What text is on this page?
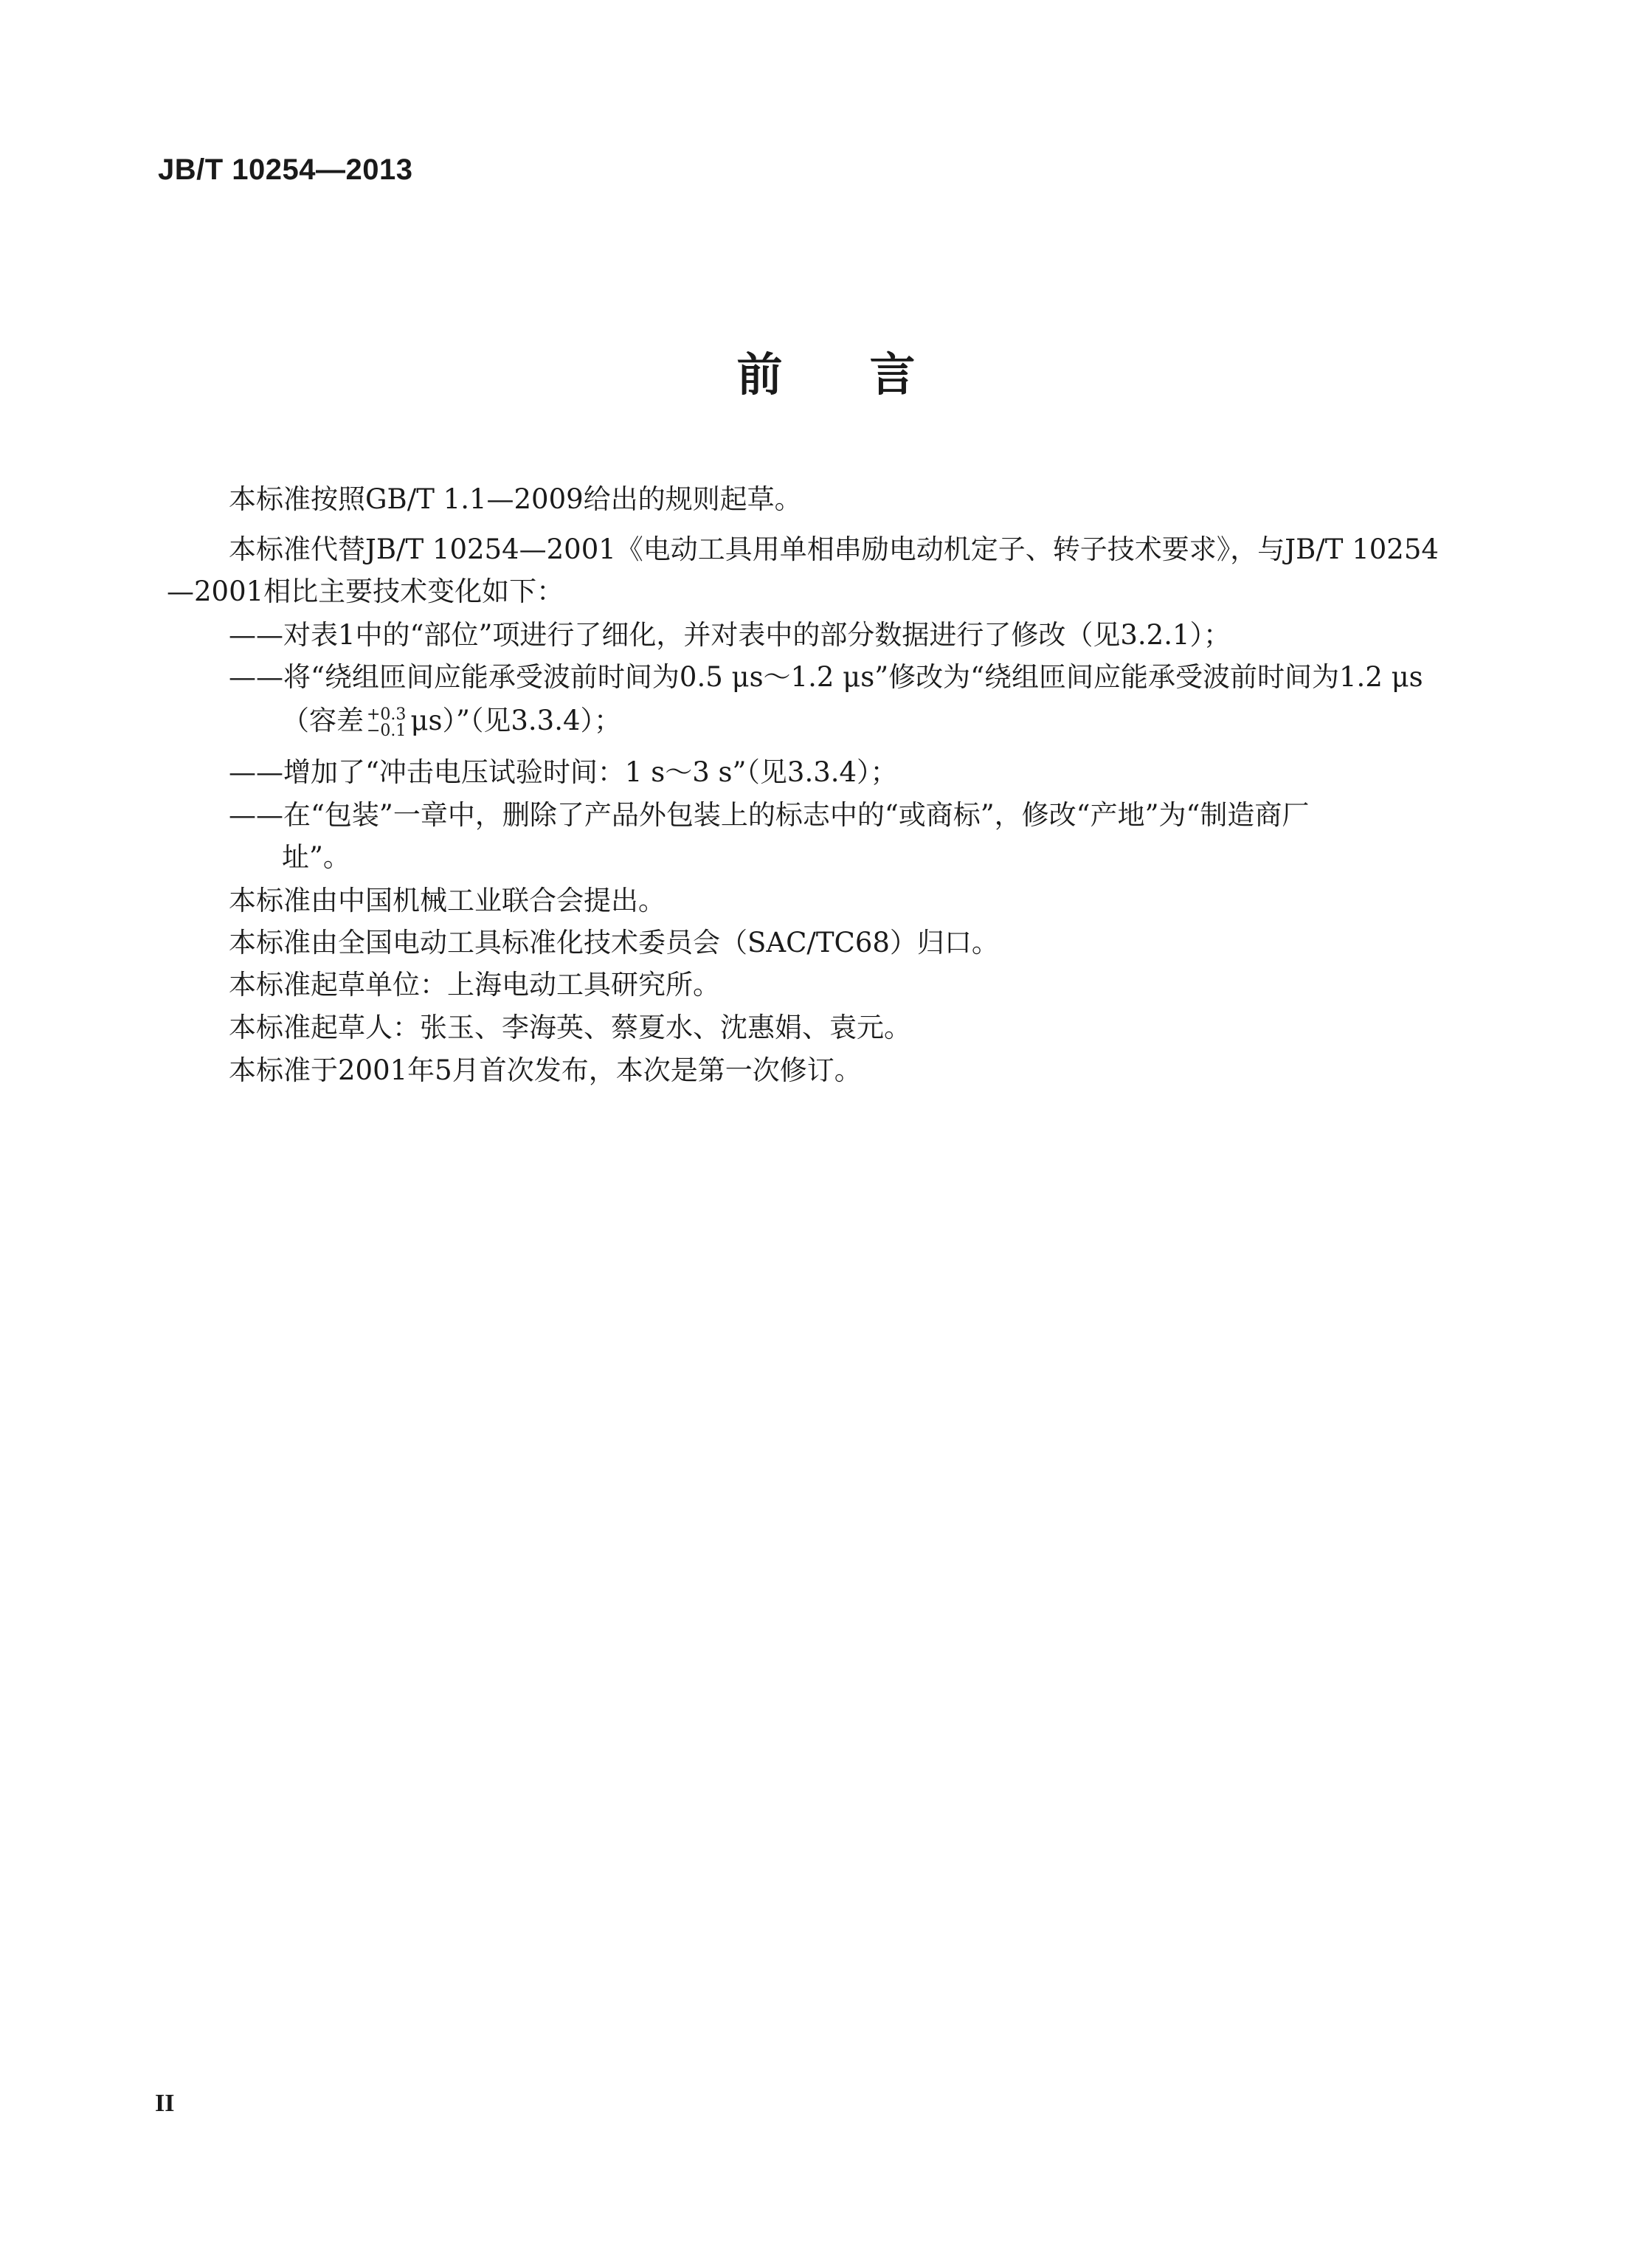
JB/T 10254—2013
前 言
本标准按照GB/T 1.1—2009给出的规则起草。
本标准代替JB/T 10254—2001《电动工具用单相串励电动机定子、转子技术要求》，与JB/T 10254
—2001相比主要技术变化如下：
——对表1中的“部位”项进行了细化，并对表中的部分数据进行了修改（见3.2.1）；
——将“绕组匝间应能承受波前时间为0.5 μs～1.2 μs”修改为“绕组匝间应能承受波前时间为1.2 μs
（容差 +0.3
−0.1 μs）”（见3.3.4）；
——增加了“冲击电压试验时间：1 s～3 s”（见3.3.4）；
——在“包装”一章中，删除了产品外包装上的标志中的“或商标”，修改“产地”为“制造商厂
址”。
本标准由中国机械工业联合会提出。
本标准由全国电动工具标准化技术委员会（SAC/TC68）归口。
本标准起草单位：上海电动工具研究所。
本标准起草人：张玉、李海英、蔡夏水、沈惠娟、袁元。
本标准于2001年5月首次发布，本次是第一次修订。
II
